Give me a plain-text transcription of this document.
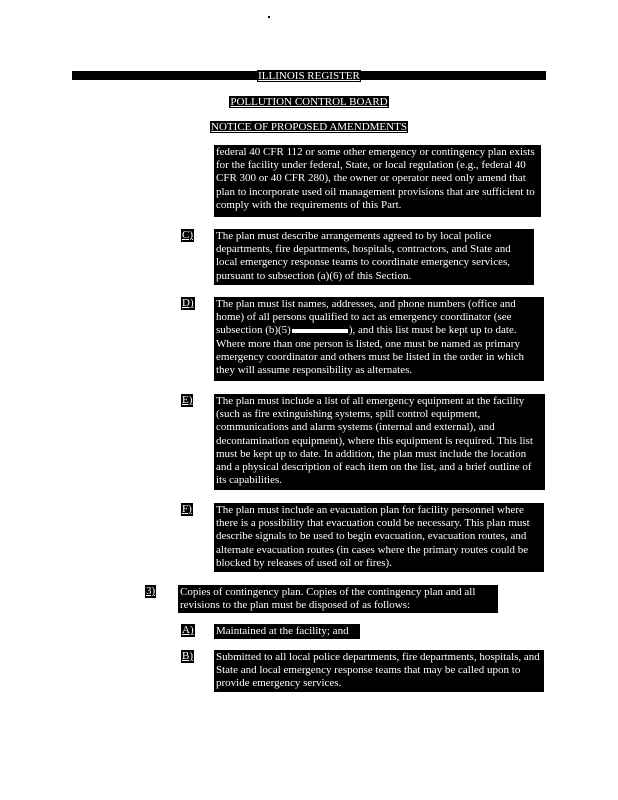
ILLINOIS REGISTER
POLLUTION CONTROL BOARD
NOTICE OF PROPOSED AMENDMENTS
federal 40 CFR 112 or some other emergency or contingency plan exists for the facility under federal, State, or local regulation (e.g., federal 40 CFR 300 or 40 CFR 280), the owner or operator need only amend that plan to incorporate used oil management provisions that are sufficient to comply with the requirements of this Part.
C) The plan must describe arrangements agreed to by local police departments, fire departments, hospitals, contractors, and State and local emergency response teams to coordinate emergency services, pursuant to subsection (a)(6) of this Section.
D) The plan must list names, addresses, and phone numbers (office and home) of all persons qualified to act as emergency coordinator (see subsection (b)(5)	), and this list must be kept up to date. Where more than one person is listed, one must be named as primary emergency coordinator and others must be listed in the order in which they will assume responsibility as alternates.
E) The plan must include a list of all emergency equipment at the facility (such as fire extinguishing systems, spill control equipment, communications and alarm systems (internal and external), and decontamination equipment), where this equipment is required. This list must be kept up to date. In addition, the plan must include the location and a physical description of each item on the list, and a brief outline of its capabilities.
F) The plan must include an evacuation plan for facility personnel where there is a possibility that evacuation could be necessary. This plan must describe signals to be used to begin evacuation, evacuation routes, and alternate evacuation routes (in cases where the primary routes could be blocked by releases of used oil or fires).
3) Copies of contingency plan. Copies of the contingency plan and all revisions to the plan must be disposed of as follows:
A) Maintained at the facility; and
B) Submitted to all local police departments, fire departments, hospitals, and State and local emergency response teams that may be called upon to provide emergency services.
